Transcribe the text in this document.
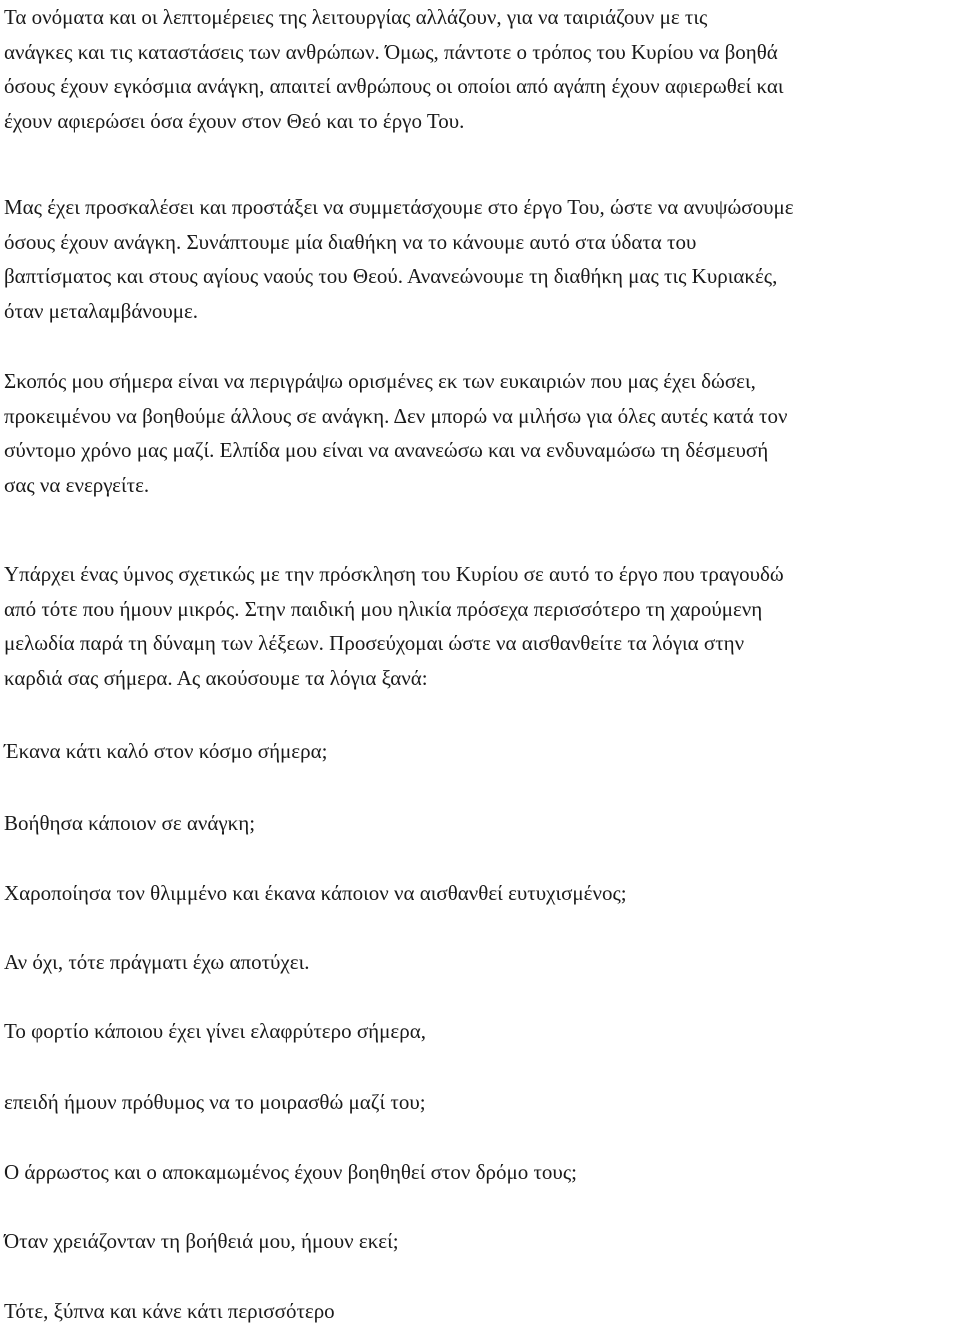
Τα ονόματα και οι λεπτομέρειες της λειτουργίας αλλάζουν, για να ταιριάζουν με τις
ανάγκες και τις καταστάσεις των ανθρώπων. Όμως, πάντοτε ο τρόπος του Κυρίου να βοηθά
όσους έχουν εγκόσμια ανάγκη, απαιτεί ανθρώπους οι οποίοι από αγάπη έχουν αφιερωθεί και
έχουν αφιερώσει όσα έχουν στον Θεό και το έργο Του.

Μας έχει προσκαλέσει και προστάξει να συμμετάσχουμε στο έργο Του, ώστε να ανυψώσουμε
όσους έχουν ανάγκη. Συνάπτουμε μία διαθήκη να το κάνουμε αυτό στα ύδατα του
βαπτίσματος και στους αγίους ναούς του Θεού. Ανανεώνουμε τη διαθήκη μας τις Κυριακές,
όταν μεταλαμβάνουμε.

Σκοπός μου σήμερα είναι να περιγράψω ορισμένες εκ των ευκαιριών που μας έχει δώσει,
προκειμένου να βοηθούμε άλλους σε ανάγκη. Δεν μπορώ να μιλήσω για όλες αυτές κατά τον
σύντομο χρόνο μας μαζί. Ελπίδα μου είναι να ανανεώσω και να ενδυναμώσω τη δέσμευσή
σας να ενεργείτε.

Υπάρχει ένας ύμνος σχετικώς με την πρόσκληση του Κυρίου σε αυτό το έργο που τραγουδώ
από τότε που ήμουν μικρός. Στην παιδική μου ηλικία πρόσεχα περισσότερο τη χαρούμενη
μελωδία παρά τη δύναμη των λέξεων. Προσεύχομαι ώστε να αισθανθείτε τα λόγια στην
καρδιά σας σήμερα. Ας ακούσουμε τα λόγια ξανά:

Έκανα κάτι καλό στον κόσμο σήμερα;

Βοήθησα κάποιον σε ανάγκη;

Χαροποίησα τον θλιμμένο και έκανα κάποιον να αισθανθεί ευτυχισμένος;

Αν όχι, τότε πράγματι έχω αποτύχει.

Το φορτίο κάποιου έχει γίνει ελαφρύτερο σήμερα,

επειδή ήμουν πρόθυμος να το μοιρασθώ μαζί του;

Ο άρρωστος και ο αποκαμωμένος έχουν βοηθηθεί στον δρόμο τους;

Όταν χρειάζονταν τη βοήθειά μου, ήμουν εκεί;

Τότε, ξύπνα και κάνε κάτι περισσότερο
